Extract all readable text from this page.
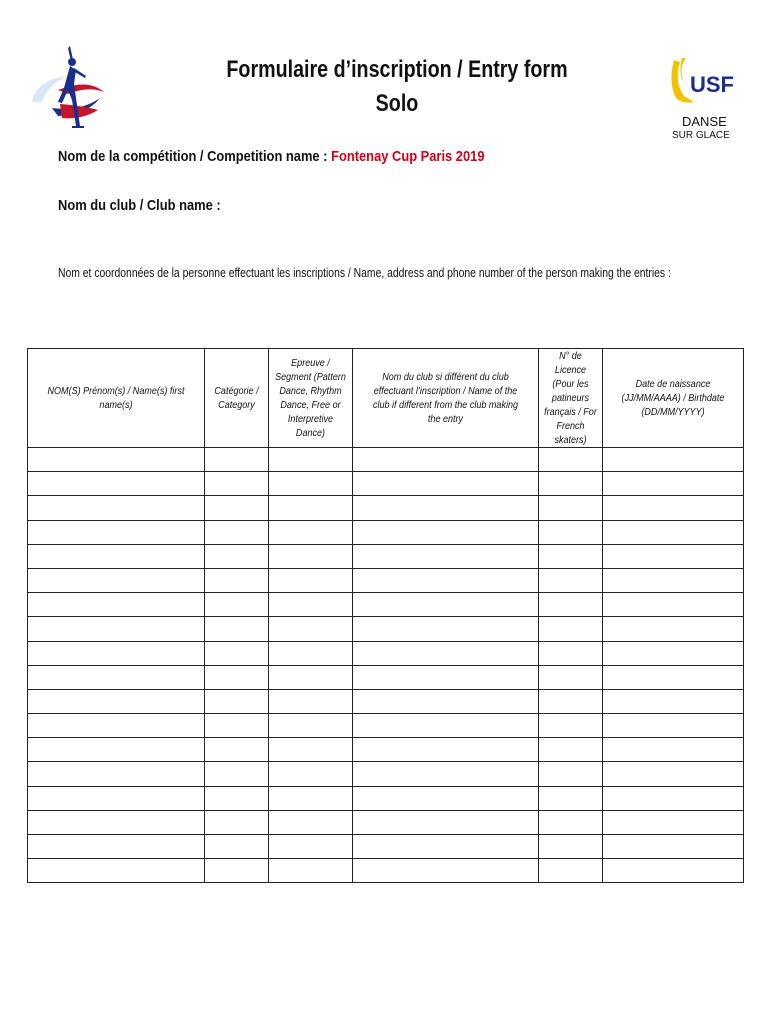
USF
DANSE
SUR GLACE
Formulaire d’inscription / Entry form
Solo
Nom de la compétition / Competition name : Fontenay Cup Paris 2019
Nom du club / Club name :
Nom et coordonnées de la personne effectuant les inscriptions / Name, address and phone number of the person making the entries :
NOM(S) Prénom(s) / Name(s) first name(s)	Catégorie / Category	Epreuve / Segment (Pattern Dance, Rhythm Dance, Free or Interpretive Dance)	Nom du club si différent du club effectuant l’inscription / Name of the club if different from the club making the entry	N° de Licence (Pour les patineurs français / For French skaters)	Date de naissance (JJ/MM/AAAA) / Birthdate (DD/MM/YYYY)
